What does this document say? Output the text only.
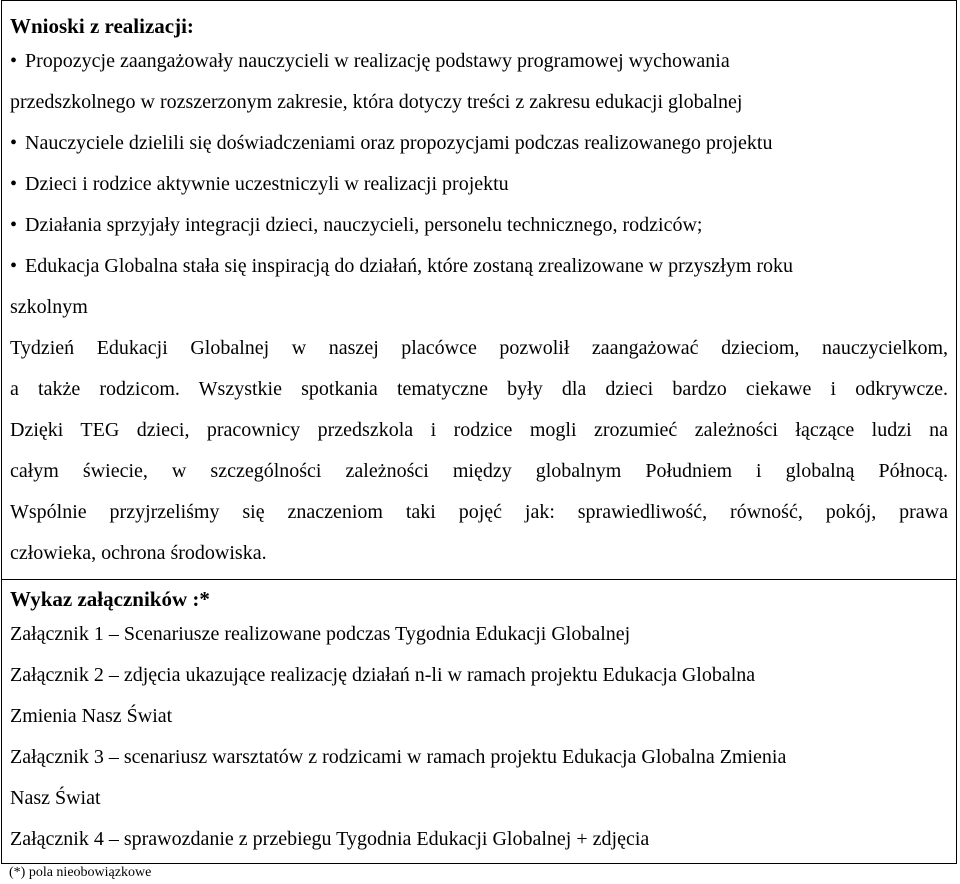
Wnioski z realizacji:

• Propozycje zaangażowały nauczycieli w realizację podstawy programowej wychowania

przedszkolnego w rozszerzonym zakresie, która dotyczy treści z zakresu edukacji globalnej

• Nauczyciele dzielili się doświadczeniami oraz propozycjami podczas realizowanego projektu

• Dzieci i rodzice aktywnie uczestniczyli w realizacji projektu

• Działania sprzyjały integracji dzieci, nauczycieli, personelu technicznego, rodziców;

• Edukacja Globalna stała się inspiracją do działań, które zostaną zrealizowane w przyszłym roku

szkolnym

Tydzień Edukacji Globalnej w naszej placówce pozwolił zaangażować dzieciom, nauczycielkom,

a także rodzicom. Wszystkie spotkania tematyczne były dla dzieci bardzo ciekawe i odkrywcze.

Dzięki TEG dzieci, pracownicy przedszkola i rodzice mogli zrozumieć zależności łączące ludzi na

całym świecie, w szczególności zależności między globalnym Południem i globalną Północą.

Wspólnie przyjrzeliśmy się znaczeniom taki pojęć jak: sprawiedliwość, równość, pokój, prawa

człowieka, ochrona środowiska.

Wykaz załączników :*

Załącznik 1 – Scenariusze realizowane podczas Tygodnia Edukacji Globalnej

Załącznik 2 – zdjęcia ukazujące realizację działań n-li w ramach projektu Edukacja Globalna

Zmienia Nasz Świat

Załącznik 3 – scenariusz warsztatów z rodzicami w ramach projektu Edukacja Globalna Zmienia

Nasz Świat

Załącznik 4 – sprawozdanie z przebiegu Tygodnia Edukacji Globalnej + zdjęcia

(*) pola nieobowiązkowe
